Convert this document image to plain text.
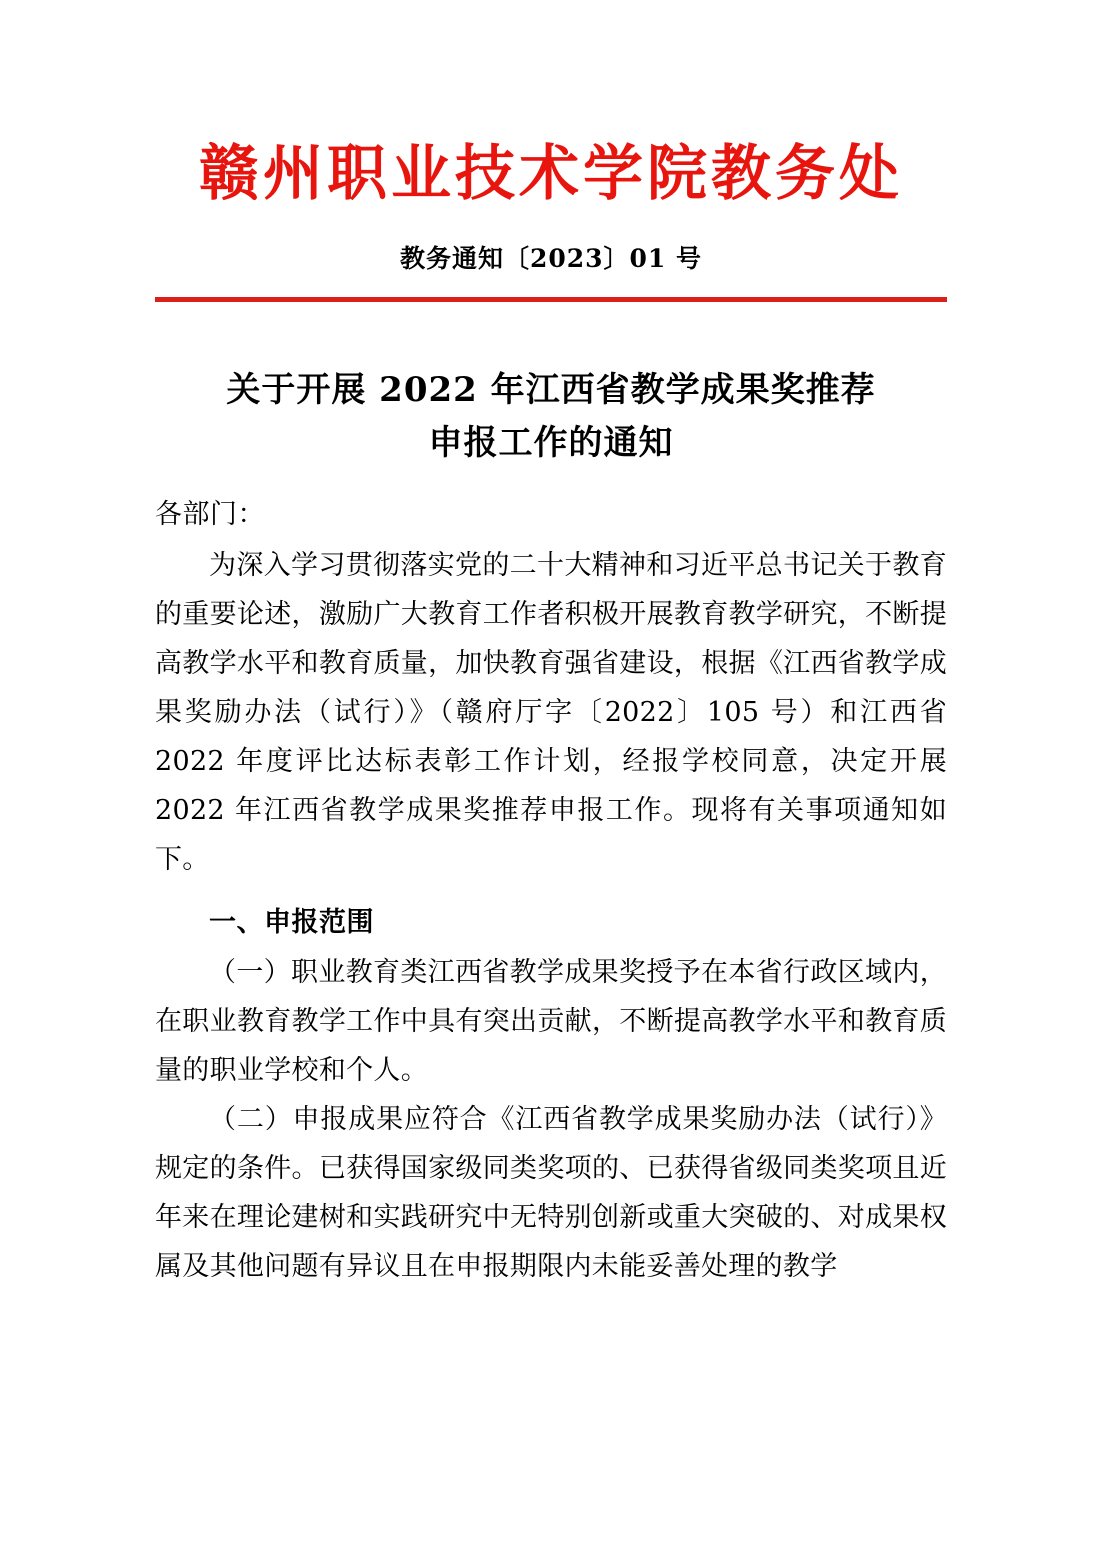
赣州职业技术学院教务处
教务通知〔2023〕01 号
关于开展 2022 年江西省教学成果奖推荐
申报工作的通知
各部门：

为深入学习贯彻落实党的二十大精神和习近平总书记关于教育的重要论述，激励广大教育工作者积极开展教育教学研究，不断提高教学水平和教育质量，加快教育强省建设，根据《江西省教学成果奖励办法（试行）》（赣府厅字〔2022〕105 号）和江西省 2022 年度评比达标表彰工作计划，经报学校同意，决定开展 2022 年江西省教学成果奖推荐申报工作。现将有关事项通知如下。

一、申报范围

（一）职业教育类江西省教学成果奖授予在本省行政区域内，在职业教育教学工作中具有突出贡献，不断提高教学水平和教育质量的职业学校和个人。

（二）申报成果应符合《江西省教学成果奖励办法（试行）》规定的条件。已获得国家级同类奖项的、已获得省级同类奖项且近年来在理论建树和实践研究中无特别创新或重大突破的、对成果权属及其他问题有异议且在申报期限内未能妥善处理的教学
